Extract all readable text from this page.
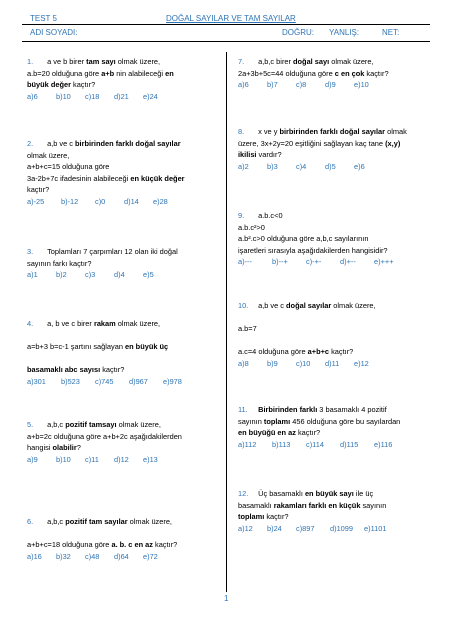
TEST 5	DOĞAL SAYILAR VE TAM SAYILAR
ADI SOYADI:	DOĞRU: YANLIŞ:	NET:

1. a ve b birer tam sayı olmak üzere,

a.b=20 olduğuna göre a+b nin alabileceği en

büyük değer kaçtır?

a)6 b)10 c)18 d)21 e)24

2. a,b ve c birbirinden farklı doğal sayılar

olmak üzere,

a+b+c=15 olduğuna göre

3a-2b+7c ifadesinin alabileceği en küçük değer

kaçtır?

a)-25 b)-12 c)0	d)14 e)28

3. Toplamları 7 çarpımları 12 olan iki doğal

sayının farkı kaçtır?

a)1 b)2 c)3	d)4 e)5

4. a, b ve c birer rakam olmak üzere,

a=b+3 b=c-1 şartını sağlayan en büyük üç

basamaklı abc sayısı kaçtır?

a)301 b)523 c)745 d)967 e)978

5. a,b,c pozitif tamsayı olmak üzere,

a+b=2c olduğuna göre a+b+2c aşağıdakilerden

hangisi olabilir?

a)9 b)10 c)11 d)12 e)13

6. a,b,c pozitif tam sayılar olmak üzere,

a+b+c=18 olduğuna göre a. b. c en az kaçtır?

a)16 b)32 c)48 d)64 e)72

7. a,b,c birer doğal sayı olmak üzere,

2a+3b+5c=44 olduğuna göre c en çok kaçtır?

a)6 b)7 c)8	d)9 e)10

8. x ve y birbirinden farklı doğal sayılar olmak

üzere, 3x+2y=20 eşitliğini sağlayan kaç tane (x,y)

ikilisi vardır?

a)2 b)3 c)4	d)5 e)6

9. a.b.c<0

a.b.c²>0

a.b².c>0 olduğuna göre a,b,c sayılarının

işaretleri sırasıyla aşağıdakilerden hangisidir?

a)---	b)--+ c)-+-	d)+-- e)+++

10. a,b ve c doğal sayılar olmak üzere,

a.b=7

a.c=4 olduğuna göre a+b+c kaçtır?

a)8 b)9 c)10 d)11 e)12

11. Birbirinden farklı 3 basamaklı 4 pozitif

sayının toplamı 456 olduğuna göre bu sayılardan

en büyüğü en az kaçtır?

a)112 b)113 c)114 d)115 e)116

12. Üç basamaklı en büyük sayı ile üç

basamaklı rakamları farklı en küçük sayının

toplamı kaçtır?

a)12 b)24 c)897 d)1099 e)1101

1
